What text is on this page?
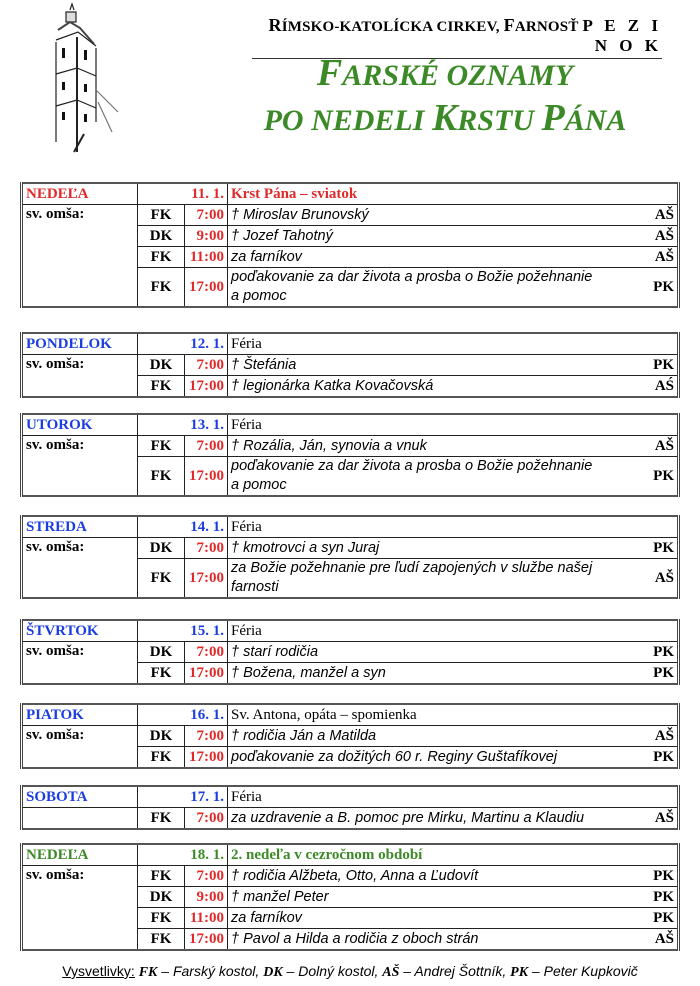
RÍMSKO-KATOLÍCKA CIRKEV, FARNOSŤ P E Z I N O K
FARSKÉ OZNAMY
PO NEDELI KRSTU PÁNA
NEDEĽA	11. 1.		Krst Pána – sviatok
sv. omša:	FK	7:00	† Miroslav Brunovský AŠ

	DK	9:00	† Jozef Tahotný AŠ

	FK	11:00	za farníkov AŠ

	FK	17:00	poďakovanie za dar života a prosba o Božie požehnanie a pomoc
PK
PONDELOK	12. 1.		Féria
sv. omša:	DK	7:00	† Štefánia PK

	FK	17:00	† legionárka Katka Kovačovská AŚ
UTOROK	13. 1.		Féria
sv. omša:	FK	7:00	† Rozália, Ján, synovia a vnuk AŠ

	FK	17:00	poďakovanie za dar života a prosba o Božie požehnanie a pomoc
PK
STREDA	14. 1.		Féria
sv. omša:	DK	7:00	† kmotrovci a syn Juraj PK

	FK	17:00	za Božie požehnanie pre ľudí zapojených v službe našej farnosti
AŠ
ŠTVRTOK	15. 1.		Féria
sv. omša:	DK	7:00	† starí rodičia PK

	FK	17:00	† Božena, manžel a syn PK
PIATOK	16. 1.		Sv. Antona, opáta – spomienka
sv. omša:	DK	7:00	† rodičia Ján a Matilda AŠ

	FK	17:00	poďakovanie za dožitých 60 r. Reginy Guštafíkovej PK
SOBOTA	17. 1.		Féria
	FK	7:00	za uzdravenie a B. pomoc pre Mirku, Martinu a Klaudiu AŠ
NEDEĽA	18. 1.		2. nedeľa v cezročnom období
sv. omša:	FK	7:00	† rodičia Alžbeta, Otto, Anna a Ľudovít PK

	DK	9:00	† manžel Peter PK

	FK	11:00	za farníkov PK

	FK	17:00	† Pavol a Hilda a rodičia z oboch strán AŠ
Vysvetlivky: FK – Farský kostol, DK – Dolný kostol, AŠ – Andrej Šottník, PK – Peter Kupkovič
